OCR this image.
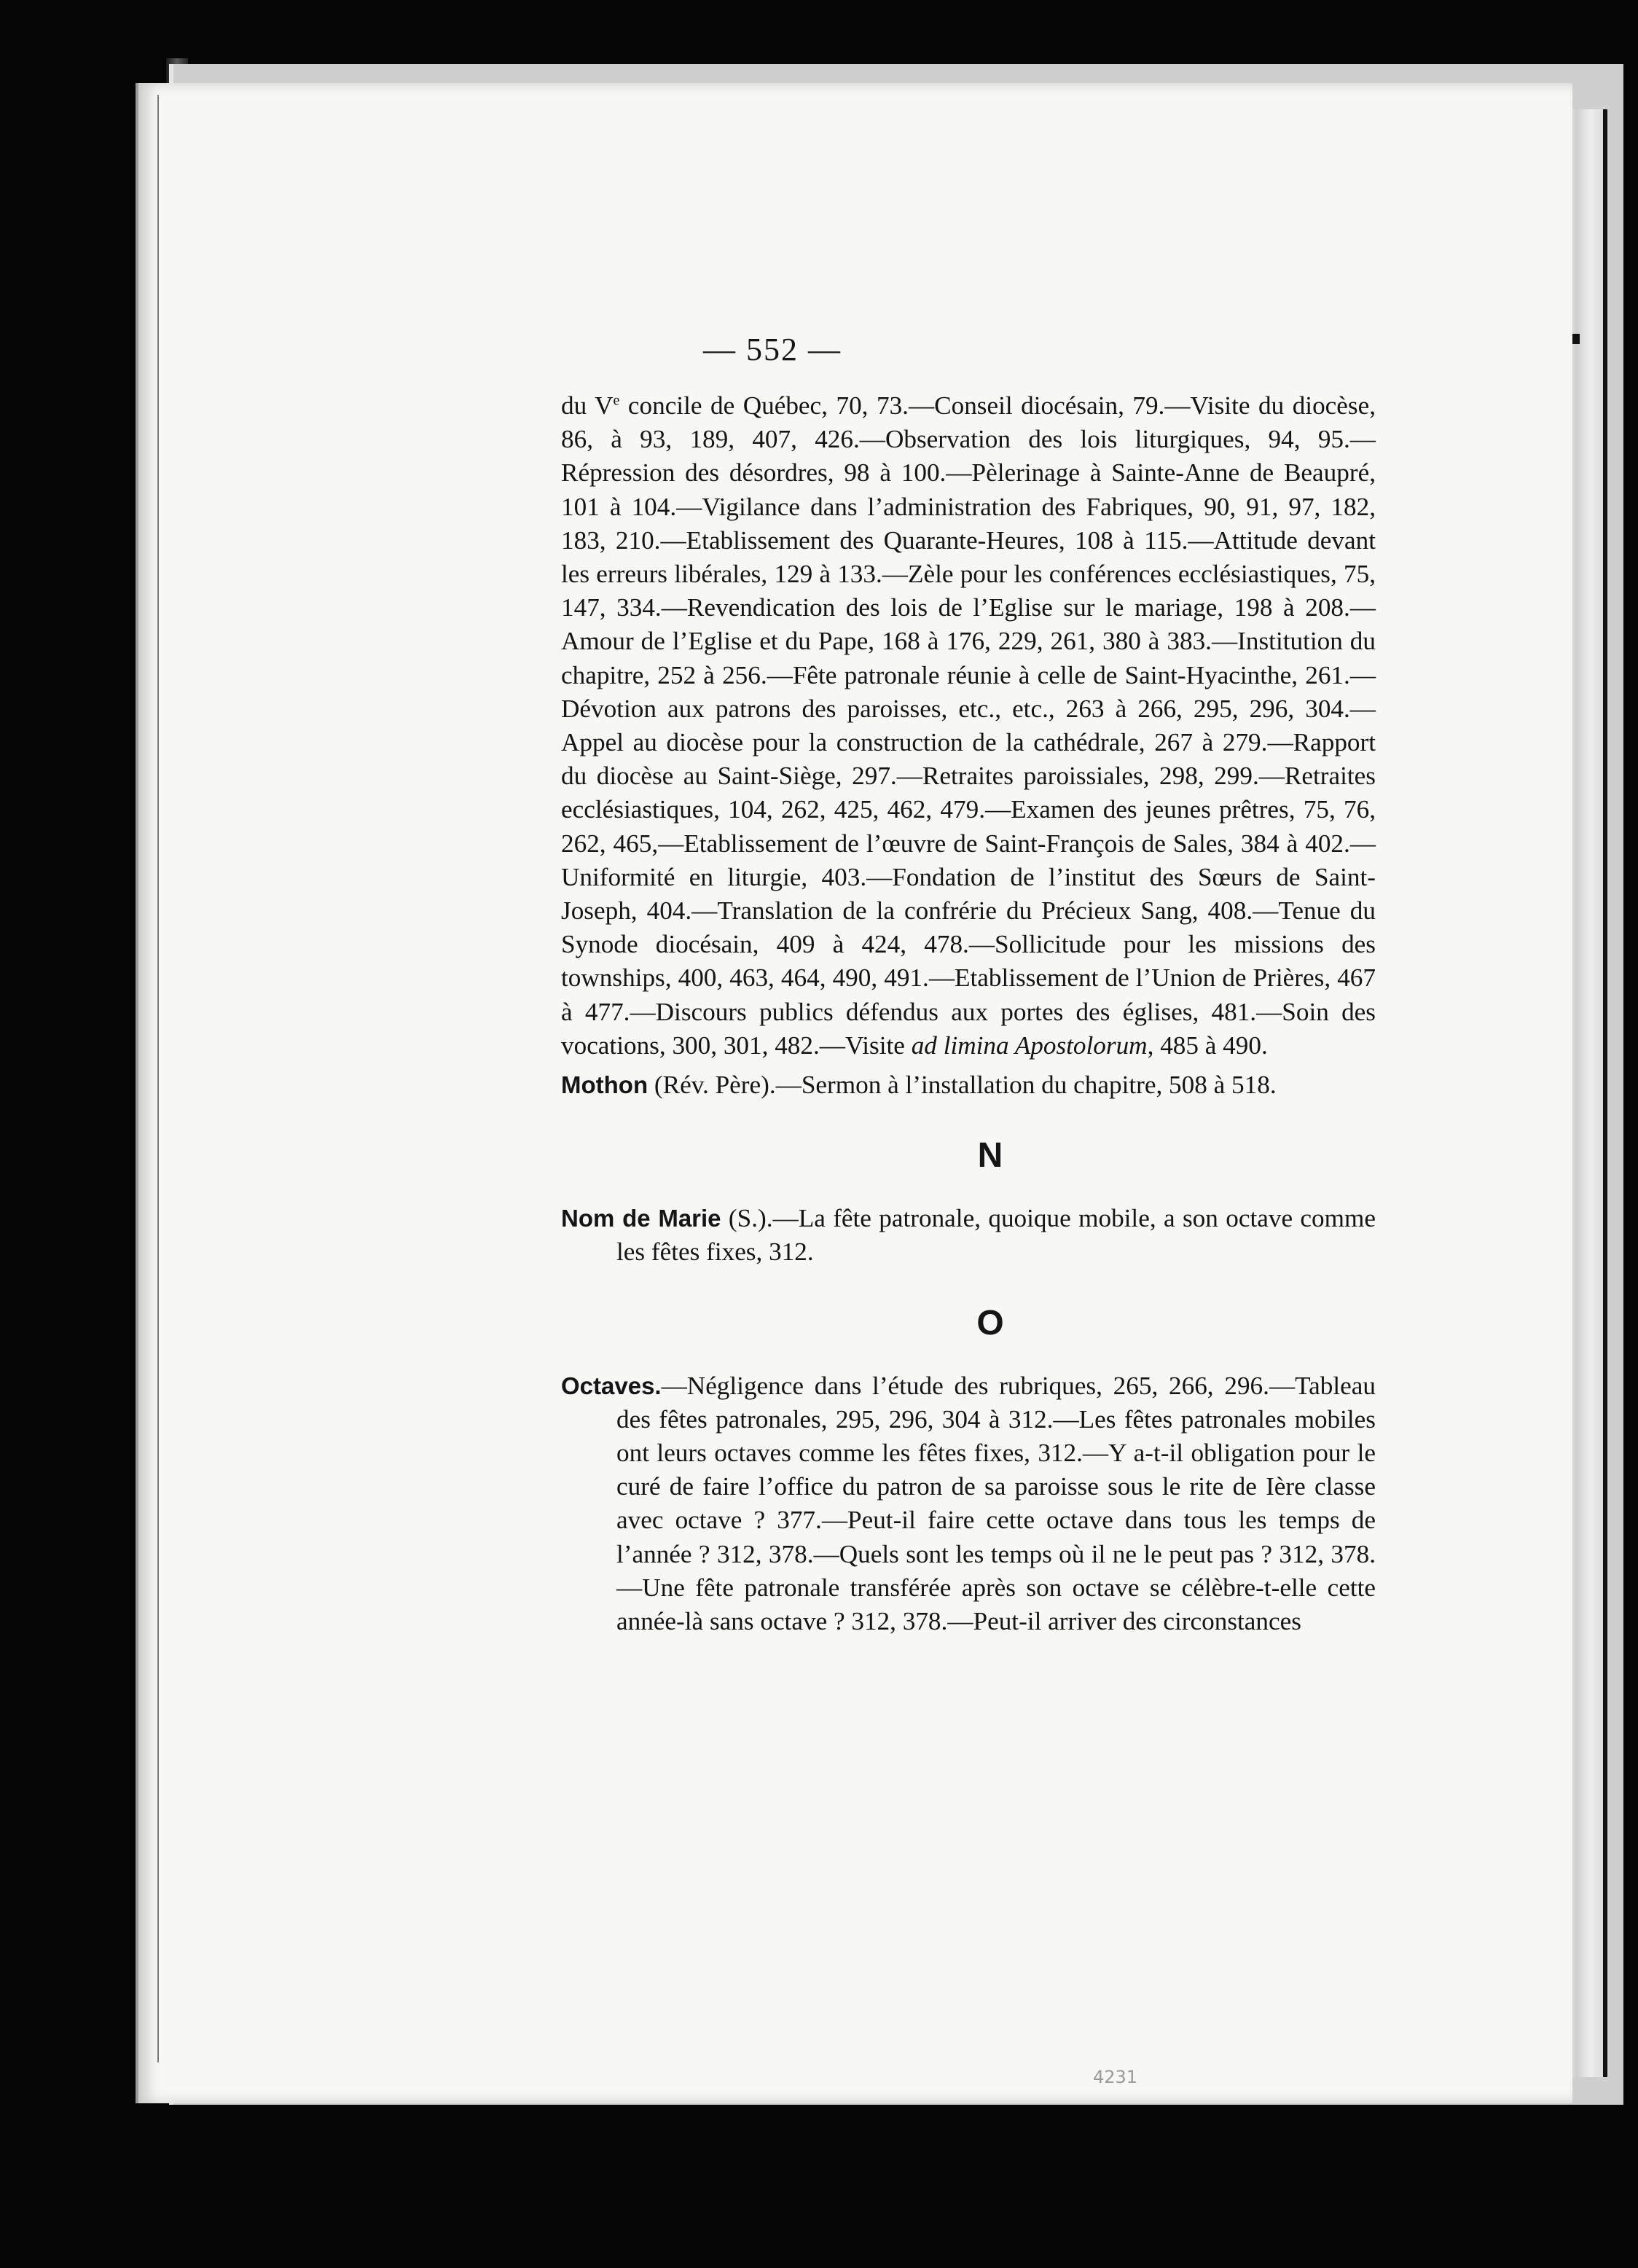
— 552 —

du Ve concile de Québec, 70, 73.—Conseil diocésain, 79.—Visite du diocèse, 86, à 93, 189, 407, 426.—Observation des lois liturgiques, 94, 95.—Répression des désordres, 98 à 100.—Pèlerinage à Sainte-Anne de Beaupré, 101 à 104.—Vigilance dans l’administration des Fabriques, 90, 91, 97, 182, 183, 210.—Etablissement des Quarante-Heures, 108 à 115.—Attitude devant les erreurs libérales, 129 à 133.—Zèle pour les conférences ecclésiastiques, 75, 147, 334.—Revendication des lois de l’Eglise sur le mariage, 198 à 208.—Amour de l’Eglise et du Pape, 168 à 176, 229, 261, 380 à 383.—Institution du chapitre, 252 à 256.—Fête patronale réunie à celle de Saint-Hyacinthe, 261.—Dévotion aux patrons des paroisses, etc., etc., 263 à 266, 295, 296, 304.—Appel au diocèse pour la construction de la cathédrale, 267 à 279.—Rapport du diocèse au Saint-Siège, 297.—Retraites paroissiales, 298, 299.—Retraites ecclésiastiques, 104, 262, 425, 462, 479.—Examen des jeunes prêtres, 75, 76, 262, 465,—Etablissement de l’œuvre de Saint-François de Sales, 384 à 402.—Uniformité en liturgie, 403.—Fondation de l’institut des Sœurs de Saint-Joseph, 404.—Translation de la confrérie du Précieux Sang, 408.—Tenue du Synode diocésain, 409 à 424, 478.—Sollicitude pour les missions des townships, 400, 463, 464, 490, 491.—Etablissement de l’Union de Prières, 467 à 477.—Discours publics défendus aux portes des églises, 481.—Soin des vocations, 300, 301, 482.—Visite ad limina Apostolorum, 485 à 490.

Mothon (Rév. Père).—Sermon à l’installation du chapitre, 508 à 518.

N

Nom de Marie (S.).—La fête patronale, quoique mobile, a son octave comme les fêtes fixes, 312.

O

Octaves.—Négligence dans l’étude des rubriques, 265, 266, 296.—Tableau des fêtes patronales, 295, 296, 304 à 312.—Les fêtes patronales mobiles ont leurs octaves comme les fêtes fixes, 312.—Y a-t-il obligation pour le curé de faire l’office du patron de sa paroisse sous le rite de Ière classe avec octave ? 377.—Peut-il faire cette octave dans tous les temps de l’année ? 312, 378.—Quels sont les temps où il ne le peut pas ? 312, 378.—Une fête patronale transférée après son octave se célèbre-t-elle cette année-là sans octave ? 312, 378.—Peut-il arriver des circonstances

4231
